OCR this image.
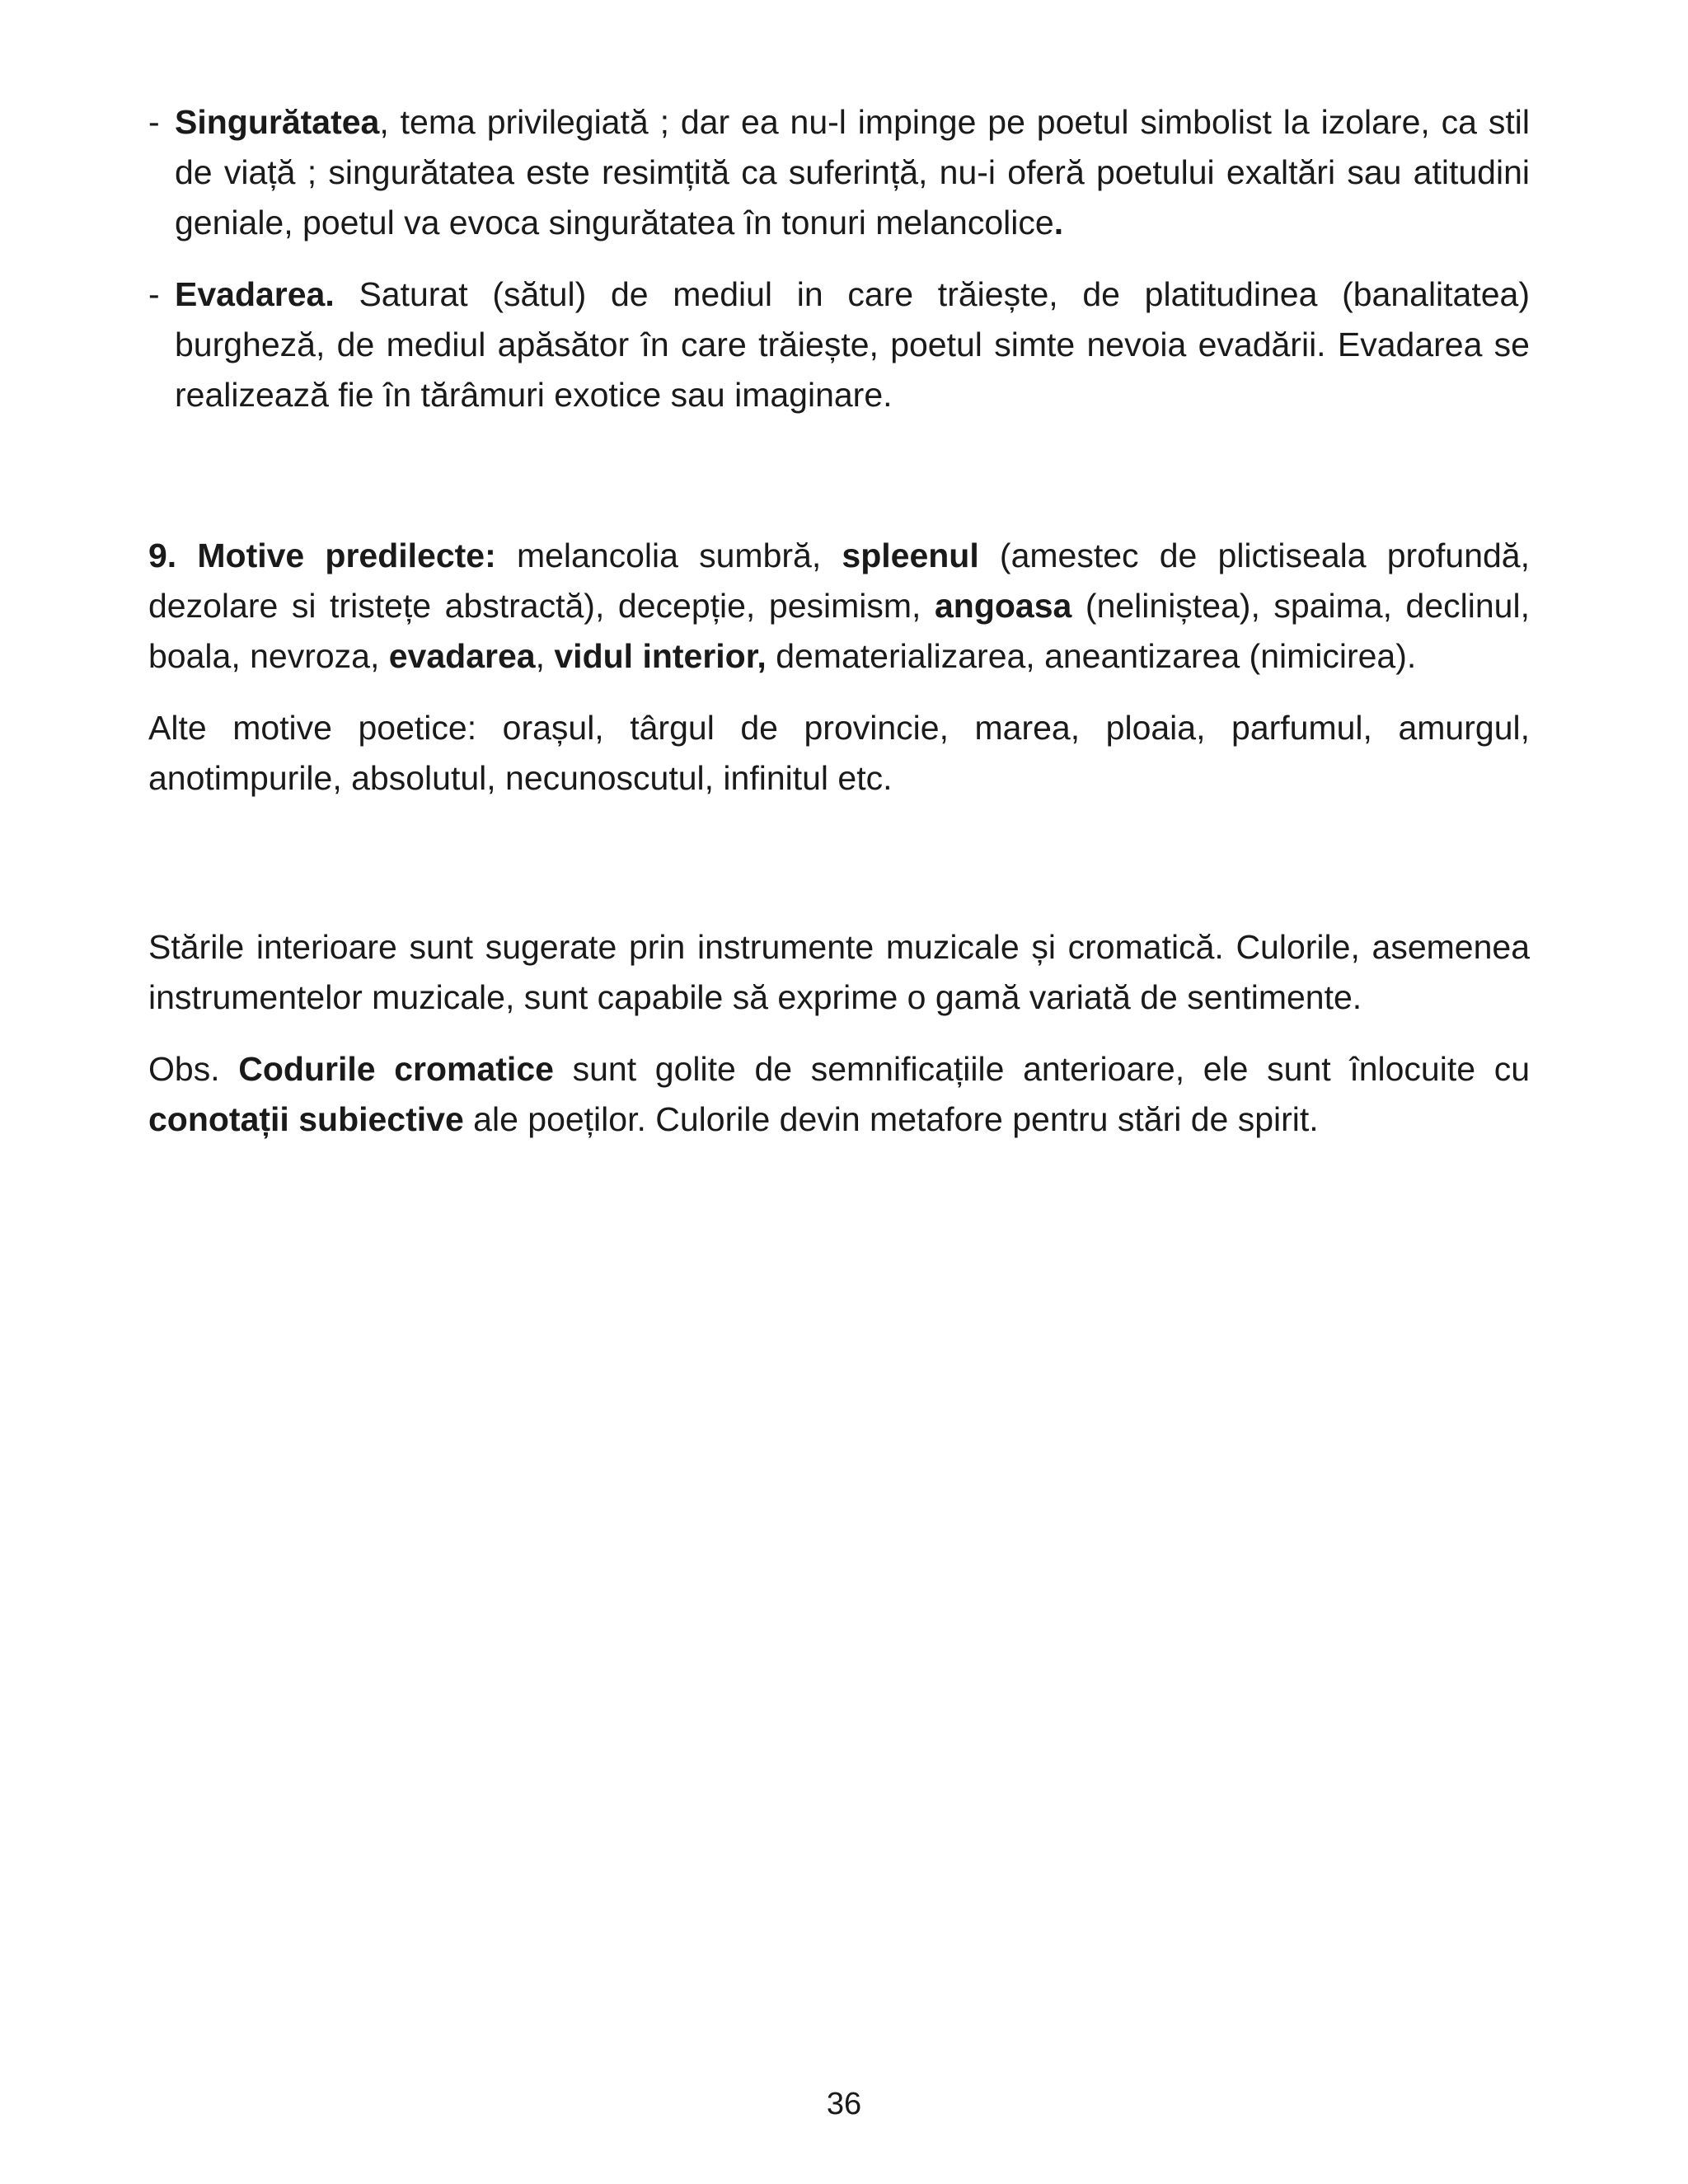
- Singurătatea, tema privilegiată ; dar ea nu-l impinge pe poetul simbolist la izolare, ca stil de viață ; singurătatea este resimțită ca suferință, nu-i oferă poetului exaltări sau atitudini geniale, poetul va evoca singurătatea în tonuri melancolice.

- Evadarea. Saturat (sătul) de mediul in care trăiește, de platitudinea (banalitatea) burgheză, de mediul apăsător în care trăiește, poetul simte nevoia evadării. Evadarea se realizează fie în tărâmuri exotice sau imaginare.

9. Motive predilecte: melancolia sumbră, spleenul (amestec de plictiseala profundă, dezolare si tristețe abstractă), decepție, pesimism, angoasa (neliniștea), spaima, declinul, boala, nevroza, evadarea, vidul interior, dematerializarea, aneantizarea (nimicirea).

Alte motive poetice: orașul, târgul de provincie, marea, ploaia, parfumul, amurgul, anotimpurile, absolutul, necunoscutul, infinitul etc.

Stările interioare sunt sugerate prin instrumente muzicale și cromatică. Culorile, asemenea instrumentelor muzicale, sunt capabile să exprime o gamă variată de sentimente.

Obs. Codurile cromatice sunt golite de semnificațiile anterioare, ele sunt înlocuite cu conotații subiective ale poeților. Culorile devin metafore pentru stări de spirit.

36
